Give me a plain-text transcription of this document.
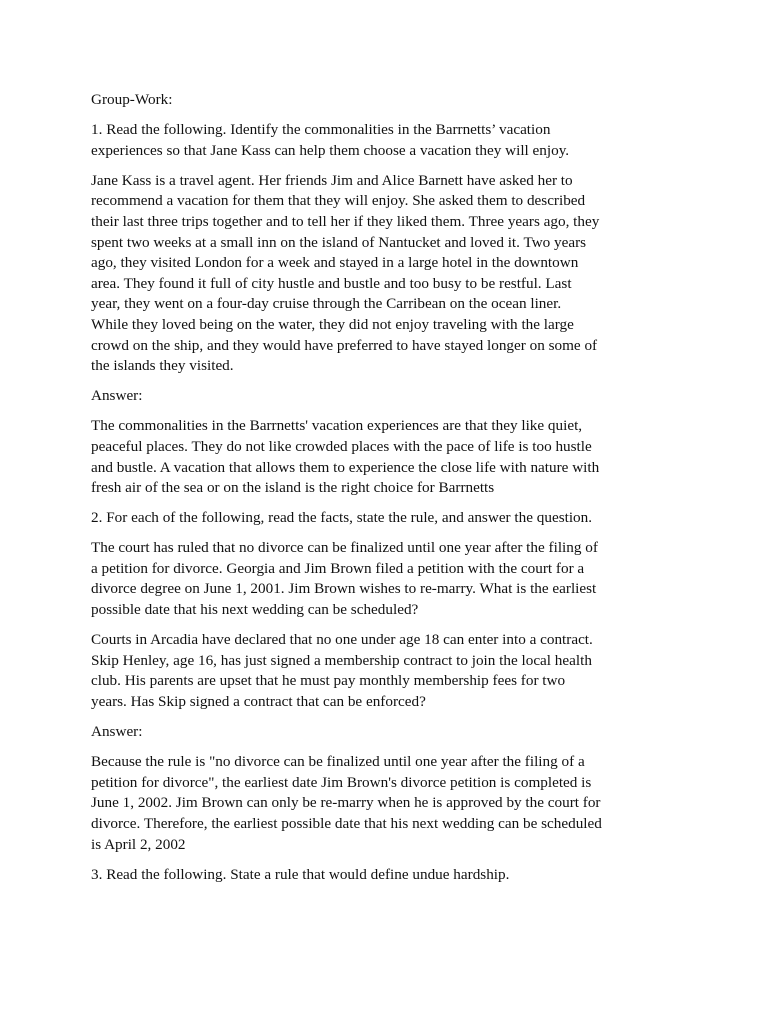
Group-Work:

1. Read the following. Identify the commonalities in the Barrnetts’ vacation
experiences so that Jane Kass can help them choose a vacation they will enjoy.

Jane Kass is a travel agent. Her friends Jim and Alice Barnett have asked her to
recommend a vacation for them that they will enjoy. She asked them to described
their last three trips together and to tell her if they liked them. Three years ago, they
spent two weeks at a small inn on the island of Nantucket and loved it. Two years
ago, they visited London for a week and stayed in a large hotel in the downtown
area. They found it full of city hustle and bustle and too busy to be restful. Last
year, they went on a four-day cruise through the Carribean on the ocean liner.
While they loved being on the water, they did not enjoy traveling with the large
crowd on the ship, and they would have preferred to have stayed longer on some of
the islands they visited.

Answer:

The commonalities in the Barrnetts' vacation experiences are that they like quiet,
peaceful places. They do not like crowded places with the pace of life is too hustle
and bustle. A vacation that allows them to experience the close life with nature with
fresh air of the sea or on the island is the right choice for Barrnetts

2. For each of the following, read the facts, state the rule, and answer the question.

The court has ruled that no divorce can be finalized until one year after the filing of
a petition for divorce. Georgia and Jim Brown filed a petition with the court for a
divorce degree on June 1, 2001. Jim Brown wishes to re-marry. What is the earliest
possible date that his next wedding can be scheduled?

Courts in Arcadia have declared that no one under age 18 can enter into a contract.
Skip Henley, age 16, has just signed a membership contract to join the local health
club. His parents are upset that he must pay monthly membership fees for two
years. Has Skip signed a contract that can be enforced?

Answer:

Because the rule is "no divorce can be finalized until one year after the filing of a
petition for divorce", the earliest date Jim Brown's divorce petition is completed is
June 1, 2002. Jim Brown can only be re-marry when he is approved by the court for
divorce. Therefore, the earliest possible date that his next wedding can be scheduled
is April 2, 2002

3. Read the following. State a rule that would define undue hardship.
